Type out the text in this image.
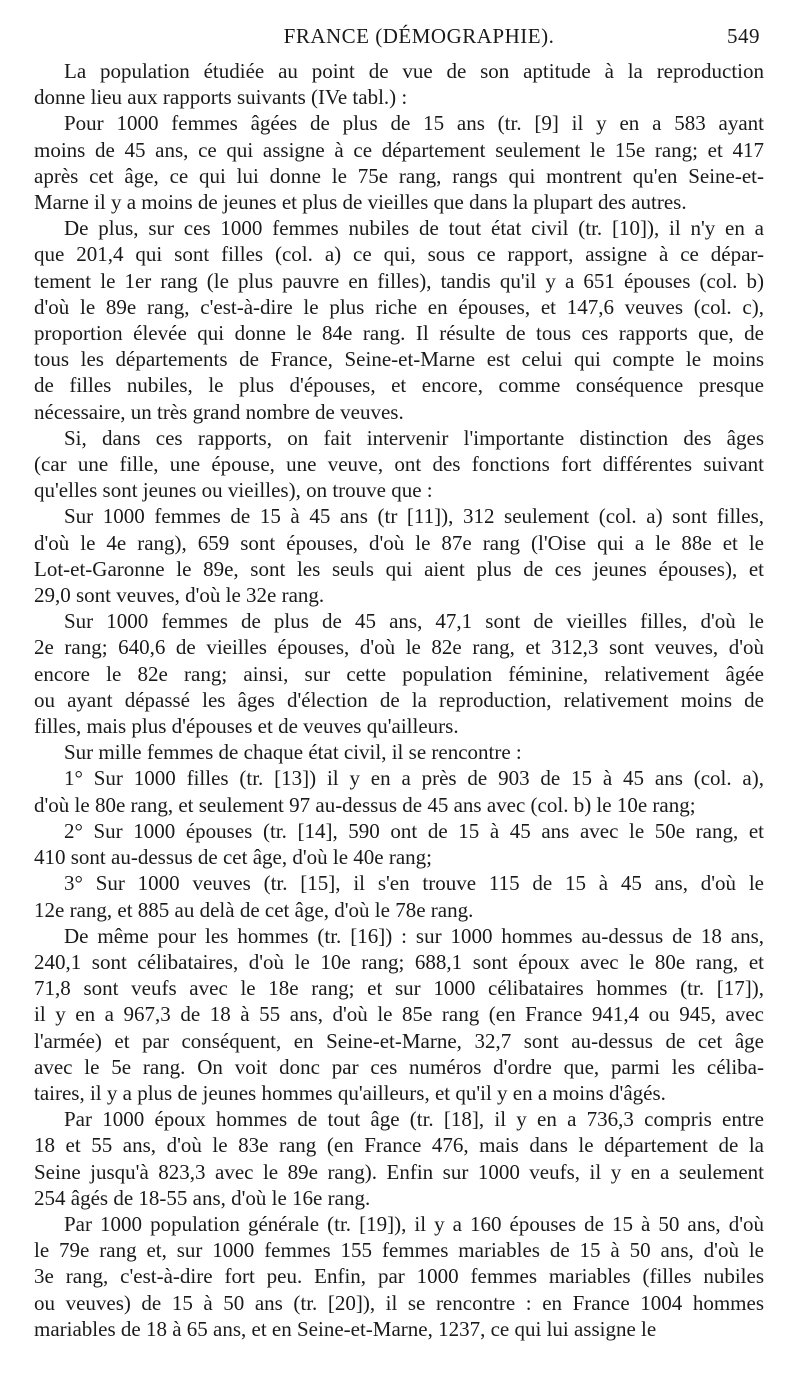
FRANCE (DÉMOGRAPHIE).	549
La population étudiée au point de vue de son aptitude à la reproduction
donne lieu aux rapports suivants (IVe tabl.) :
Pour 1000 femmes âgées de plus de 15 ans (tr. [9] il y en a 583 ayant
moins de 45 ans, ce qui assigne à ce département seulement le 15e rang; et 417
après cet âge, ce qui lui donne le 75e rang, rangs qui montrent qu'en Seine-et-
Marne il y a moins de jeunes et plus de vieilles que dans la plupart des autres.
De plus, sur ces 1000 femmes nubiles de tout état civil (tr. [10]), il n'y en a
que 201,4 qui sont filles (col. a) ce qui, sous ce rapport, assigne à ce dépar-
tement le 1er rang (le plus pauvre en filles), tandis qu'il y a 651 épouses (col. b)
d'où le 89e rang, c'est-à-dire le plus riche en épouses, et 147,6 veuves (col. c),
proportion élevée qui donne le 84e rang. Il résulte de tous ces rapports que, de
tous les départements de France, Seine-et-Marne est celui qui compte le moins
de filles nubiles, le plus d'épouses, et encore, comme conséquence presque
nécessaire, un très grand nombre de veuves.
Si, dans ces rapports, on fait intervenir l'importante distinction des âges
(car une fille, une épouse, une veuve, ont des fonctions fort différentes suivant
qu'elles sont jeunes ou vieilles), on trouve que :
Sur 1000 femmes de 15 à 45 ans (tr [11]), 312 seulement (col. a) sont filles,
d'où le 4e rang), 659 sont épouses, d'où le 87e rang (l'Oise qui a le 88e et le
Lot-et-Garonne le 89e, sont les seuls qui aient plus de ces jeunes épouses), et
29,0 sont veuves, d'où le 32e rang.
Sur 1000 femmes de plus de 45 ans, 47,1 sont de vieilles filles, d'où le
2e rang; 640,6 de vieilles épouses, d'où le 82e rang, et 312,3 sont veuves, d'où
encore le 82e rang; ainsi, sur cette population féminine, relativement âgée
ou ayant dépassé les âges d'élection de la reproduction, relativement moins de
filles, mais plus d'épouses et de veuves qu'ailleurs.
Sur mille femmes de chaque état civil, il se rencontre :
1° Sur 1000 filles (tr. [13]) il y en a près de 903 de 15 à 45 ans (col. a),
d'où le 80e rang, et seulement 97 au-dessus de 45 ans avec (col. b) le 10e rang;
2° Sur 1000 épouses (tr. [14], 590 ont de 15 à 45 ans avec le 50e rang, et
410 sont au-dessus de cet âge, d'où le 40e rang;
3° Sur 1000 veuves (tr. [15], il s'en trouve 115 de 15 à 45 ans, d'où le
12e rang, et 885 au delà de cet âge, d'où le 78e rang.
De même pour les hommes (tr. [16]) : sur 1000 hommes au-dessus de 18 ans,
240,1 sont célibataires, d'où le 10e rang; 688,1 sont époux avec le 80e rang, et
71,8 sont veufs avec le 18e rang; et sur 1000 célibataires hommes (tr. [17]),
il y en a 967,3 de 18 à 55 ans, d'où le 85e rang (en France 941,4 ou 945, avec
l'armée) et par conséquent, en Seine-et-Marne, 32,7 sont au-dessus de cet âge
avec le 5e rang. On voit donc par ces numéros d'ordre que, parmi les céliba-
taires, il y a plus de jeunes hommes qu'ailleurs, et qu'il y en a moins d'âgés.
Par 1000 époux hommes de tout âge (tr. [18], il y en a 736,3 compris entre
18 et 55 ans, d'où le 83e rang (en France 476, mais dans le département de la
Seine jusqu'à 823,3 avec le 89e rang). Enfin sur 1000 veufs, il y en a seulement
254 âgés de 18-55 ans, d'où le 16e rang.
Par 1000 population générale (tr. [19]), il y a 160 épouses de 15 à 50 ans, d'où
le 79e rang et, sur 1000 femmes 155 femmes mariables de 15 à 50 ans, d'où le
3e rang, c'est-à-dire fort peu. Enfin, par 1000 femmes mariables (filles nubiles
ou veuves) de 15 à 50 ans (tr. [20]), il se rencontre : en France 1004 hommes
mariables de 18 à 65 ans, et en Seine-et-Marne, 1237, ce qui lui assigne le
